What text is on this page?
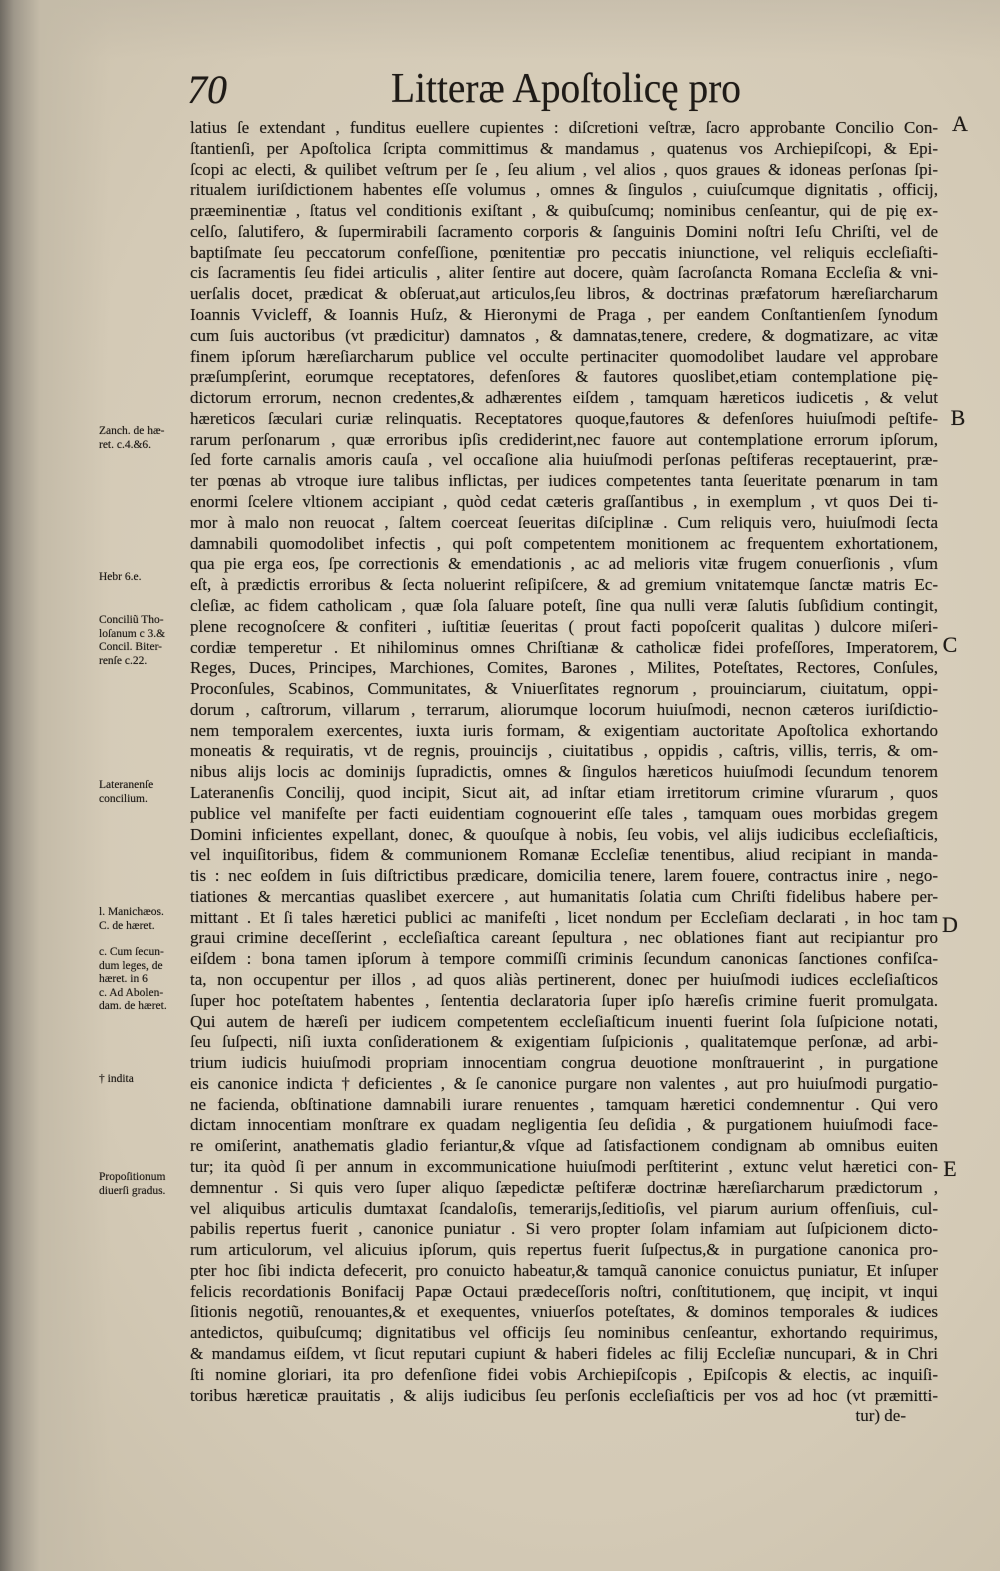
70	Litteræ Apoſtolicę pro
latius ſe extendant , funditus euellere cupientes : diſcretioni veſtræ, ſacro approbante Concilio Con-
ſtantienſi, per Apoſtolica ſcripta committimus & mandamus , quatenus vos Archiepiſcopi, & Epi-
ſcopi ac electi, & quilibet veſtrum per ſe , ſeu alium , vel alios , quos graues & idoneas perſonas ſpi-
ritualem iuriſdictionem habentes eſſe volumus , omnes & ſingulos , cuiuſcumque dignitatis , officij,
præeminentiæ , ſtatus vel conditionis exiſtant , & quibuſcumq; nominibus cenſeantur, qui de pię ex-
celſo, ſalutifero, & ſupermirabili ſacramento corporis & ſanguinis Domini noſtri Ieſu Chriſti, vel de
baptiſmate ſeu peccatorum confeſſione, pœnitentiæ pro peccatis iniunctione, vel reliquis eccleſiaſti-
cis ſacramentis ſeu fidei articulis , aliter ſentire aut docere, quàm ſacroſancta Romana Eccleſia & vni-
uerſalis docet, prædicat & obſeruat,aut articulos,ſeu libros, & doctrinas præfatorum hæreſiarcharum
Ioannis Vvicleff, & Ioannis Huſz, & Hieronymi de Praga , per eandem Conſtantienſem ſynodum
cum ſuis auctoribus (vt prædicitur) damnatos , & damnatas,tenere, credere, & dogmatizare, ac vitæ
finem ipſorum hæreſiarcharum publice vel occulte pertinaciter quomodolibet laudare vel approbare
præſumpſerint, eorumque receptatores, defenſores & fautores quoslibet,etiam contemplatione pię-
dictorum errorum, necnon credentes,& adhærentes eiſdem , tamquam hæreticos iudicetis , & velut
hæreticos ſæculari curiæ relinquatis. Receptatores quoque,fautores & defenſores huiuſmodi peſtife-
rarum perſonarum , quæ erroribus ipſis crediderint,nec fauore aut contemplatione errorum ipſorum,
ſed forte carnalis amoris cauſa , vel occaſione alia huiuſmodi perſonas peſtiferas receptauerint, præ-
ter pœnas ab vtroque iure talibus inflictas, per iudices competentes tanta ſeueritate pœnarum in tam
enormi ſcelere vltionem accipiant , quòd cedat cæteris graſſantibus , in exemplum , vt quos Dei ti-
mor à malo non reuocat , ſaltem coerceat ſeueritas diſciplinæ . Cum reliquis vero, huiuſmodi ſecta
damnabili quomodolibet infectis , qui poſt competentem monitionem ac frequentem exhortationem,
qua pie erga eos, ſpe correctionis & emendationis , ac ad melioris vitæ frugem conuerſionis , vſum
eſt, à prædictis erroribus & ſecta noluerint reſipiſcere, & ad gremium vnitatemque ſanctæ matris Ec-
cleſiæ, ac fidem catholicam , quæ ſola ſaluare poteſt, ſine qua nulli veræ ſalutis ſubſidium contingit,
plene recognoſcere & confiteri , iuſtitiæ ſeueritas ( prout facti popoſcerit qualitas ) dulcore miſeri-
cordiæ temperetur . Et nihilominus omnes Chriſtianæ & catholicæ fidei profeſſores, Imperatorem,
Reges, Duces, Principes, Marchiones, Comites, Barones , Milites, Poteſtates, Rectores, Conſules,
Proconſules, Scabinos, Communitates, & Vniuerſitates regnorum , prouinciarum, ciuitatum, oppi-
dorum , caſtrorum, villarum , terrarum, aliorumque locorum huiuſmodi, necnon cæteros iuriſdictio-
nem temporalem exercentes, iuxta iuris formam, & exigentiam auctoritate Apoſtolica exhortando
moneatis & requiratis, vt de regnis, prouincijs , ciuitatibus , oppidis , caſtris, villis, terris, & om-
nibus alijs locis ac dominijs ſupradictis, omnes & ſingulos hæreticos huiuſmodi ſecundum tenorem
Lateranenſis Concilij, quod incipit, Sicut ait, ad inſtar etiam irretitorum crimine vſurarum , quos
publice vel manifeſte per facti euidentiam cognouerint eſſe tales , tamquam oues morbidas gregem
Domini inficientes expellant, donec, & quouſque à nobis, ſeu vobis, vel alijs iudicibus eccleſiaſticis,
vel inquiſitoribus, fidem & communionem Romanæ Eccleſiæ tenentibus, aliud recipiant in manda-
tis : nec eoſdem in ſuis diſtrictibus prædicare, domicilia tenere, larem fouere, contractus inire , nego-
tiationes & mercantias quaslibet exercere , aut humanitatis ſolatia cum Chriſti fidelibus habere per-
mittant . Et ſi tales hæretici publici ac manifeſti , licet nondum per Eccleſiam declarati , in hoc tam
graui crimine deceſſerint , eccleſiaſtica careant ſepultura , nec oblationes fiant aut recipiantur pro
eiſdem : bona tamen ipſorum à tempore commiſſi criminis ſecundum canonicas ſanctiones confiſca-
ta, non occupentur per illos , ad quos aliàs pertinerent, donec per huiuſmodi iudices eccleſiaſticos
ſuper hoc poteſtatem habentes , ſententia declaratoria ſuper ipſo hæreſis crimine fuerit promulgata.
Qui autem de hæreſi per iudicem competentem eccleſiaſticum inuenti fuerint ſola ſuſpicione notati,
ſeu ſuſpecti, niſi iuxta conſiderationem & exigentiam ſuſpicionis , qualitatemque perſonæ, ad arbi-
trium iudicis huiuſmodi propriam innocentiam congrua deuotione monſtrauerint , in purgatione
eis canonice indicta † deficientes , & ſe canonice purgare non valentes , aut pro huiuſmodi purgatio-
ne facienda, obſtinatione damnabili iurare renuentes , tamquam hæretici condemnentur . Qui vero
dictam innocentiam monſtrare ex quadam negligentia ſeu deſidia , & purgationem huiuſmodi face-
re omiſerint, anathematis gladio feriantur,& vſque ad ſatisfactionem condignam ab omnibus euiten
tur; ita quòd ſi per annum in excommunicatione huiuſmodi perſtiterint , extunc velut hæretici con-
demnentur . Si quis vero ſuper aliquo ſæpedictæ peſtiferæ doctrinæ hæreſiarcharum prædictorum ,
vel aliquibus articulis dumtaxat ſcandaloſis, temerarijs,ſeditioſis, vel piarum aurium offenſiuis, cul-
pabilis repertus fuerit , canonice puniatur . Si vero propter ſolam infamiam aut ſuſpicionem dicto-
rum articulorum, vel alicuius ipſorum, quis repertus fuerit ſuſpectus,& in purgatione canonica pro-
pter hoc ſibi indicta defecerit, pro conuicto habeatur,& tamquã canonice conuictus puniatur, Et inſuper
felicis recordationis Bonifacij Papæ Octaui prædeceſſoris noſtri, conſtitutionem, quę incipit, vt inqui
ſitionis negotiũ, renouantes,& et exequentes, vniuerſos poteſtates, & dominos temporales & iudices
antedictos, quibuſcumq; dignitatibus vel officijs ſeu nominibus cenſeantur, exhortando requirimus,
& mandamus eiſdem, vt ſicut reputari cupiunt & haberi fideles ac filij Eccleſiæ nuncupari, & in Chri
ſti nomine gloriari, ita pro defenſione fidei vobis Archiepiſcopis , Epiſcopis & electis, ac inquiſi-
toribus hæreticæ prauitatis , & alijs iudicibus ſeu perſonis eccleſiaſticis per vos ad hoc (vt præmitti-
tur) de-
Zanch. de hæ-
ret. c.4.&6.
Hebr 6.e.
Conciliũ Tho-
loſanum c 3.&
Concil. Biter-
renſe c.22.
Lateranenſe
concilium.
l. Manichæos.
C. de hæret.
c. Cum ſecun-
dum leges, de
hæret. in 6
c. Ad Abolen-
dam. de hæret.
† indita
Propoſitionum
diuerſi gradus.
A
B
C
D
E
